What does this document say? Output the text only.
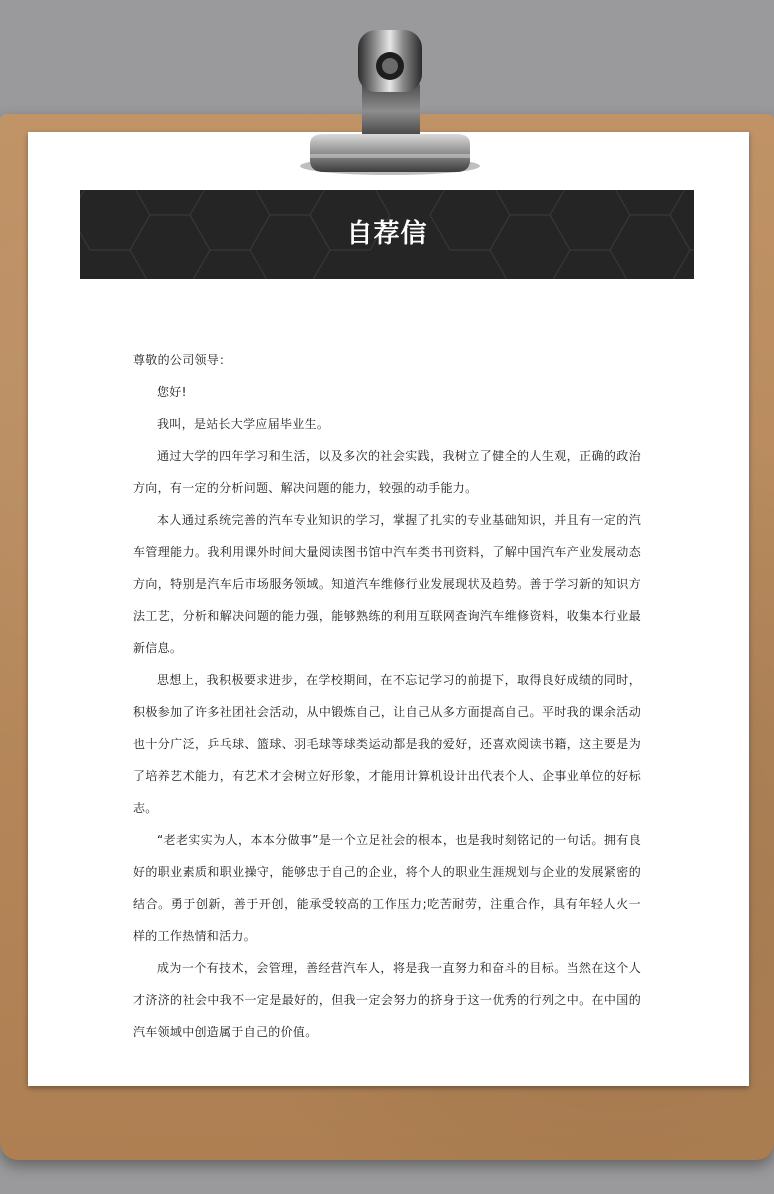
自荐信

尊敬的公司领导：

您好!

我叫，是站长大学应届毕业生。

通过大学的四年学习和生活，以及多次的社会实践，我树立了健全的人生观，正确的政治方向，有一定的分析问题、解决问题的能力，较强的动手能力。

本人通过系统完善的汽车专业知识的学习，掌握了扎实的专业基础知识，并且有一定的汽车管理能力。我利用课外时间大量阅读图书馆中汽车类书刊资料，了解中国汽车产业发展动态方向，特别是汽车后市场服务领域。知道汽车维修行业发展现状及趋势。善于学习新的知识方法工艺，分析和解决问题的能力强，能够熟练的利用互联网查询汽车维修资料，收集本行业最新信息。

思想上，我积极要求进步，在学校期间，在不忘记学习的前提下，取得良好成绩的同时，积极参加了许多社团社会活动，从中锻炼自己，让自己从多方面提高自己。平时我的课余活动也十分广泛，乒乓球、篮球、羽毛球等球类运动都是我的爱好，还喜欢阅读书籍，这主要是为了培养艺术能力，有艺术才会树立好形象，才能用计算机设计出代表个人、企事业单位的好标志。

“老老实实为人，本本分做事”是一个立足社会的根本，也是我时刻铭记的一句话。拥有良好的职业素质和职业操守，能够忠于自己的企业，将个人的职业生涯规划与企业的发展紧密的结合。勇于创新，善于开创，能承受较高的工作压力;吃苦耐劳，注重合作，具有年轻人火一样的工作热情和活力。

成为一个有技术，会管理，善经营汽车人，将是我一直努力和奋斗的目标。当然在这个人才济济的社会中我不一定是最好的，但我一定会努力的挤身于这一优秀的行列之中。在中国的汽车领域中创造属于自己的价值。
